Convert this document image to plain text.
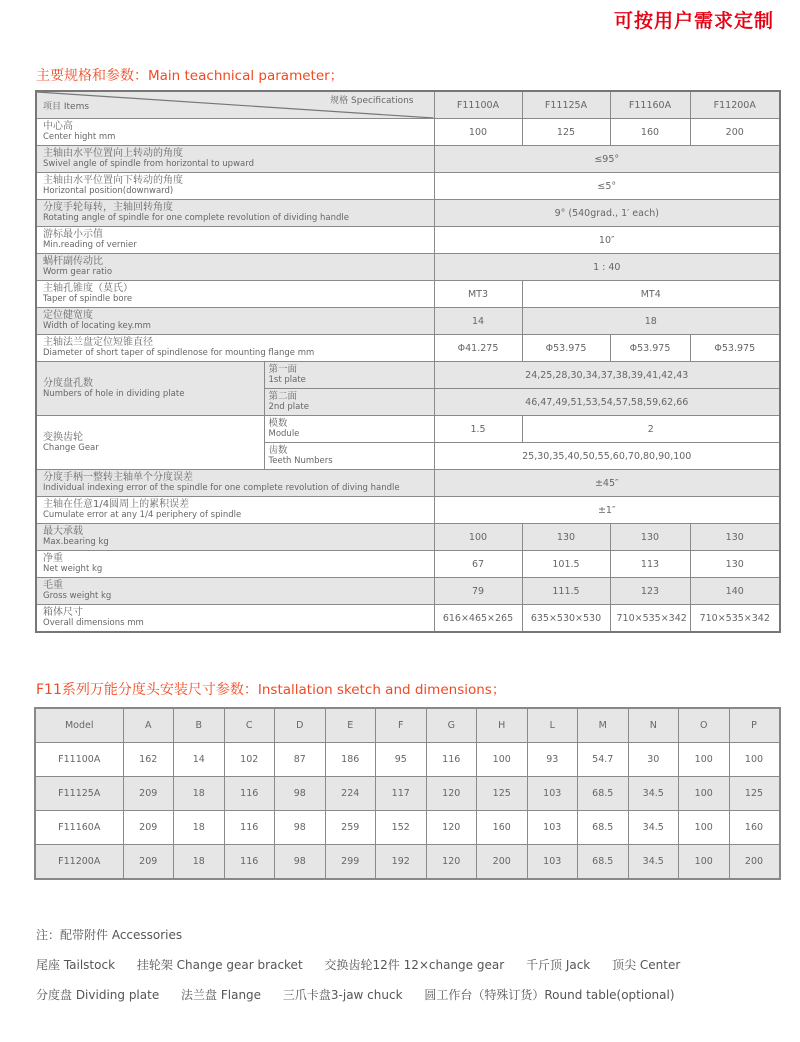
可按用户需求定制
主要规格和参数：Main teachnical parameter；
项目 Items
规格 Specifications		F11100A	F11125A	F11160A	F11200A

中心高
Center hight mm		100	125	160	200

主轴由水平位置向上转动的角度
Swivel angle of spindle from horizontal to upward		≤95°			

主轴由水平位置向下转动的角度
Horizontal position(downward)		≤5°			

分度手轮每转，主轴回转角度
Rotating angle of spindle for one complete revolution of dividing handle		9° (540grad., 1′ each)			

游标最小示值
Min.reading of vernier		10″			

蜗杆副传动比
Worm gear ratio		1 : 40			

主轴孔锥度（莫氏）
Taper of spindle bore		MT3	MT4		

定位健宽度
Width of locating key.mm		14	18		

主轴法兰盘定位短锥直径
Diameter of short taper of spindlenose for mounting flange mm		Φ41.275	Φ53.975	Φ53.975	Φ53.975

分度盘孔数
Numbers of hole in dividing plate	第一面
1st plate	24,25,28,30,34,37,38,39,41,42,43			

	第二面
2nd plate	46,47,49,51,53,54,57,58,59,62,66			

变换齿轮
Change Gear	模数
Module	1.5	2		

	齿数
Teeth Numbers	25,30,35,40,50,55,60,70,80,90,100			

分度手柄一整转主轴单个分度误差
Individual indexing error of the spindle for one complete revolution of diving handle		±45″			

主轴在任意1/4圆周上的累积误差
Cumulate error at any 1/4 periphery of spindle		±1″			

最大承载
Max.bearing kg		100	130	130	130

净重
Net weight kg		67	101.5	113	130

毛重
Gross weight kg		79	111.5	123	140

箱体尺寸
Overall dimensions mm		616×465×265	635×530×530	710×535×342	710×535×342
F11系列万能分度头安装尺寸参数：Installation sketch and dimensions；
Model	A	B	C	D	E	F	G	H	L	M	N	O	P
F11100A	162	14	102	87	186	95	116	100	93	54.7	30	100	100
F11125A	209	18	116	98	224	117	120	125	103	68.5	34.5	100	125
F11160A	209	18	116	98	259	152	120	160	103	68.5	34.5	100	160
F11200A	209	18	116	98	299	192	120	200	103	68.5	34.5	100	200
注：配带附件 Accessories
尾座 Tailstock 挂轮架 Change gear bracket 交换齿轮12件 12×change gear 千斤顶 Jack 顶尖 Center
分度盘 Dividing plate 法兰盘 Flange 三爪卡盘3-jaw chuck 圆工作台（特殊订货）Round table(optional)
